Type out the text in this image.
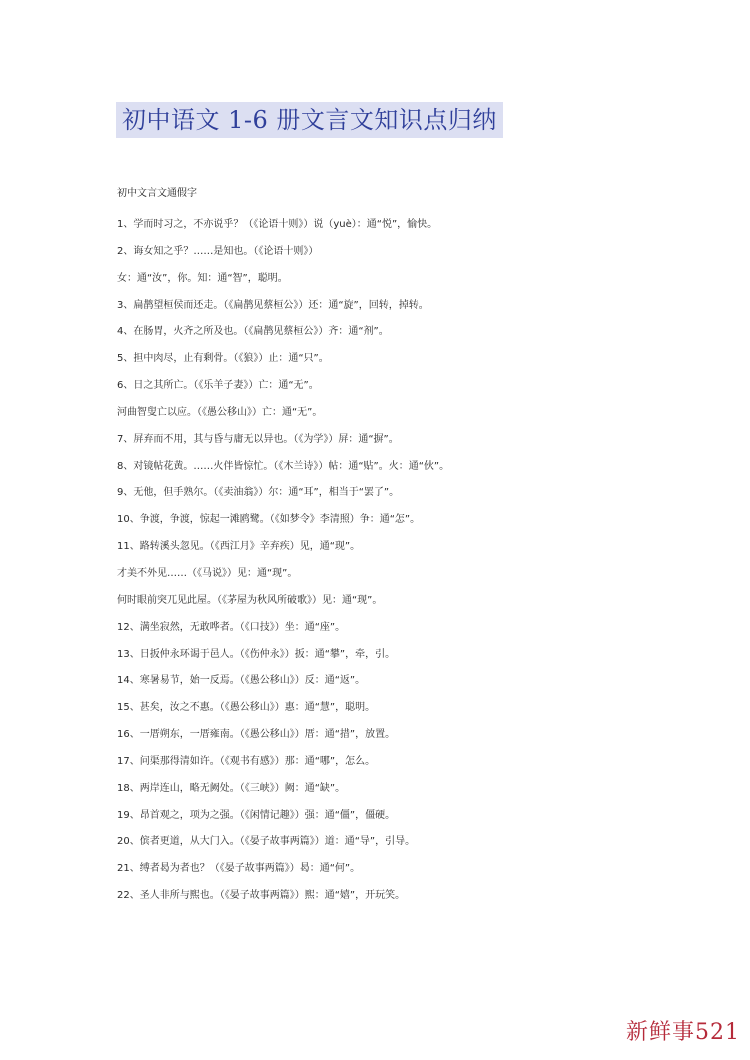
初中语文 1-6 册文言文知识点归纳
初中文言文通假字
1、学而时习之，不亦说乎？（《论语十则》）说（yuè）：通“悦”，愉快。
2、诲女知之乎？……是知也。（《论语十则》）
女：通“汝”，你。知：通“智”，聪明。
3、扁鹊望桓侯而还走。（《扁鹊见蔡桓公》）还：通“旋”，回转，掉转。
4、在肠胃，火齐之所及也。（《扁鹊见蔡桓公》）齐：通“剂”。
5、担中肉尽，止有剩骨。（《狼》）止：通“只”。
6、日之其所亡。（《乐羊子妻》）亡：通“无”。
河曲智叟亡以应。（《愚公移山》）亡：通“无”。
7、屏弃而不用，其与昏与庸无以异也。（《为学》）屏：通“摒”。
8、对镜帖花黄。……火伴皆惊忙。（《木兰诗》）帖：通“贴”。火：通“伙”。
9、无他，但手熟尔。（《卖油翁》）尔：通“耳”，相当于“罢了”。
10、争渡，争渡，惊起一滩鸥鹭。（《如梦令》李清照）争：通“怎”。
11、路转溪头忽见。（《西江月》辛弃疾）见，通“现”。
才美不外见……（《马说》）见：通“现”。
何时眼前突兀见此屋。（《茅屋为秋风所破歌》）见：通“现”。
12、满坐寂然，无敢哗者。（《口技》）坐：通“座”。
13、日扳仲永环谒于邑人。（《伤仲永》）扳：通“攀”，牵，引。
14、寒暑易节，始一反焉。（《愚公移山》）反：通“返”。
15、甚矣，汝之不惠。（《愚公移山》）惠：通“慧”，聪明。
16、一厝朔东，一厝雍南。（《愚公移山》）厝：通“措”，放置。
17、问渠那得清如许。（《观书有感》）那：通“哪”，怎么。
18、两岸连山，略无阙处。（《三峡》）阙：通“缺”。
19、昂首观之，项为之强。（《闲情记趣》）强：通“僵”，僵硬。
20、傧者更道，从大门入。（《晏子故事两篇》）道：通“导”，引导。
21、缚者曷为者也？（《晏子故事两篇》）曷：通“何”。
22、圣人非所与熙也。（《晏子故事两篇》）熙：通“嬉”，开玩笑。
新鲜事521
